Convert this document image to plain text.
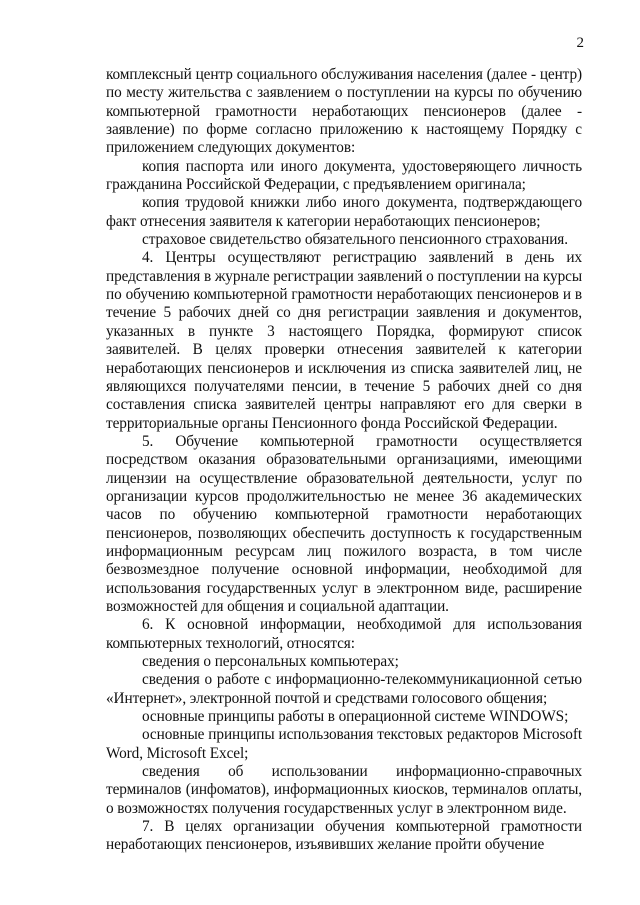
2

комплексный центр социального обслуживания населения (далее - центр) по месту жительства с заявлением о поступлении на курсы по обучению компьютерной грамотности неработающих пенсионеров (далее - заявление) по форме согласно приложению к настоящему Порядку с приложением следующих документов:

копия паспорта или иного документа, удостоверяющего личность гражданина Российской Федерации, с предъявлением оригинала;

копия трудовой книжки либо иного документа, подтверждающего факт отнесения заявителя к категории неработающих пенсионеров;

страховое свидетельство обязательного пенсионного страхования.

4. Центры осуществляют регистрацию заявлений в день их представления в журнале регистрации заявлений о поступлении на курсы по обучению компьютерной грамотности неработающих пенсионеров и в течение 5 рабочих дней со дня регистрации заявления и документов, указанных в пункте 3 настоящего Порядка, формируют список заявителей. В целях проверки отнесения заявителей к категории неработающих пенсионеров и исключения из списка заявителей лиц, не являющихся получателями пенсии, в течение 5 рабочих дней со дня составления списка заявителей центры направляют его для сверки в территориальные органы Пенсионного фонда Российской Федерации.

5. Обучение компьютерной грамотности осуществляется посредством оказания образовательными организациями, имеющими лицензии на осуществление образовательной деятельности, услуг по организации курсов продолжительностью не менее 36 академических часов по обучению компьютерной грамотности неработающих пенсионеров, позволяющих обеспечить доступность к государственным информационным ресурсам лиц пожилого возраста, в том числе безвозмездное получение основной информации, необходимой для использования государственных услуг в электронном виде, расширение возможностей для общения и социальной адаптации.

6. К основной информации, необходимой для использования компьютерных технологий, относятся:

сведения о персональных компьютерах;

сведения о работе с информационно-телекоммуникационной сетью «Интернет», электронной почтой и средствами голосового общения;

основные принципы работы в операционной системе WINDOWS;

основные принципы использования текстовых редакторов Microsoft Word, Microsoft Excel;

сведения об использовании информационно-справочных терминалов (инфоматов), информационных киосков, терминалов оплаты, о возможностях получения государственных услуг в электронном виде.

7. В целях организации обучения компьютерной грамотности неработающих пенсионеров, изъявивших желание пройти обучение
